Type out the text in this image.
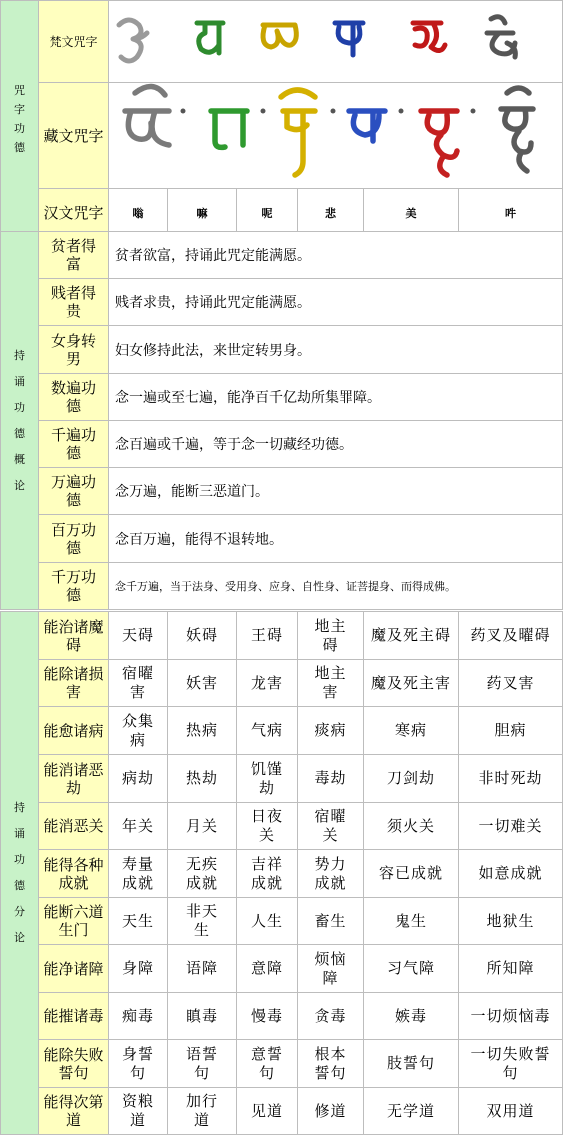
咒字功德	梵文咒字	
	藏文咒字	
	汉文咒字	嗡	嘛	呢	悲	美	吽
持诵功德概论	贫者得富	贫者欲富，持诵此咒定能满愿。
	贱者得贵	贱者求贵，持诵此咒定能满愿。
	女身转男	妇女修持此法，来世定转男身。
	数遍功德	念一遍或至七遍，能净百千亿劫所集罪障。
	千遍功德	念百遍或千遍，等于念一切藏经功德。
	万遍功德	念万遍，能断三恶道门。
	百万功德	念百万遍，能得不退转地。
	千万功德	念千万遍，当于法身、受用身、应身、自性身、证菩提身、而得成佛。
持诵功德分论	能治诸魔碍	天碍	妖碍	王碍	地主碍	魔及死主碍	药叉及曜碍
	能除诸损害	宿曜害	妖害	龙害	地主害	魔及死主害	药叉害
	能愈诸病	众集病	热病	气病	痰病	寒病	胆病
	能消诸恶劫	病劫	热劫	饥馑劫	毒劫	刀剑劫	非时死劫
	能消恶关	年关	月关	日夜关	宿曜关	须火关	一切难关
	能得各种成就	寿量成就	无疾成就	吉祥成就	势力成就	容已成就	如意成就
	能断六道生门	天生	非天生	人生	畜生	鬼生	地狱生
	能净诸障	身障	语障	意障	烦恼障	习气障	所知障
	能摧诸毒	痴毒	瞋毒	慢毒	贪毒	嫉毒	一切烦恼毒
	能除失败誓句	身誓句	语誓句	意誓句	根本誓句	肢誓句	一切失败誓句
	能得次第道	资粮道	加行道	见道	修道	无学道	双用道
